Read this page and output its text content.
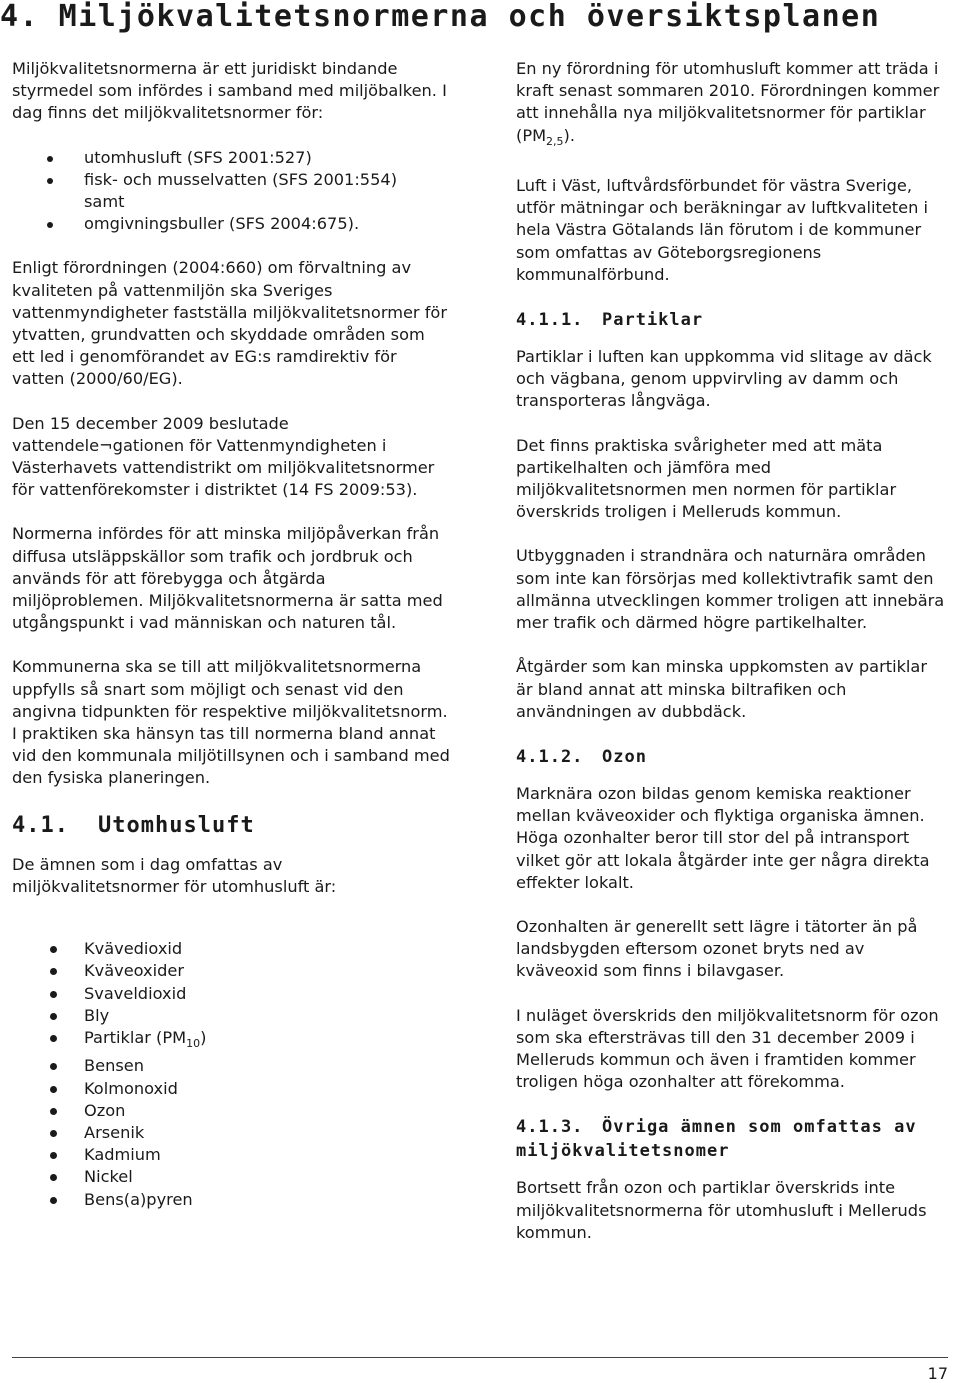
4. Miljökvalitetsnormerna och översiktsplanen

Miljökvalitetsnormerna är ett juridiskt bindande styrmedel som infördes i samband med miljöbalken. I dag finns det miljökvalitetsnormer för:

utomhusluft (SFS 2001:527)
fisk- och musselvatten (SFS 2001:554)
samt
omgivningsbuller (SFS 2004:675).

Enligt förordningen (2004:660) om förvaltning av kvaliteten på vattenmiljön ska Sveriges vattenmyndigheter fastställa miljökvalitetsnormer för ytvatten, grundvatten och skyddade områden som ett led i genomförandet av EG:s ramdirektiv för vatten (2000/60/EG).

Den 15 december 2009 beslutade vattendele¬gationen för Vattenmyndigheten i Västerhavets vattendistrikt om miljökvalitetsnormer för vattenförekomster i distriktet (14 FS 2009:53).

Normerna infördes för att minska miljöpåverkan från diffusa utsläppskällor som trafik och jordbruk och används för att förebygga och åtgärda miljöproblemen. Miljökvalitetsnormerna är satta med utgångspunkt i vad människan och naturen tål.

Kommunerna ska se till att miljökvalitetsnormerna uppfylls så snart som möjligt och senast vid den angivna tidpunkten för respektive miljökvalitetsnorm. I praktiken ska hänsyn tas till normerna bland annat vid den kommunala miljötillsynen och i samband med den fysiska planeringen.

4.1. Utomhusluft

De ämnen som i dag omfattas av miljökvalitetsnormer för utomhusluft är:

Kvävedioxid
Kväveoxider
Svaveldioxid
Bly
Partiklar $(PM_{10})$
Bensen
Kolmonoxid
Ozon
Arsenik
Kadmium
Nickel
Bens(a)pyren

En ny förordning för utomhusluft kommer att träda i kraft senast sommaren 2010. Förordningen kommer att innehålla nya miljökvalitetsnormer för partiklar $(PM_{2,5})$.

Luft i Väst, luftvårdsförbundet för västra Sverige, utför mätningar och beräkningar av luftkvaliteten i hela Västra Götalands län förutom i de kommuner som omfattas av Göteborgsregionens kommunalförbund.

4.1.1. Partiklar

Partiklar i luften kan uppkomma vid slitage av däck och vägbana, genom uppvirvling av damm och transporteras långväga.

Det finns praktiska svårigheter med att mäta partikelhalten och jämföra med miljökvalitetsnormen men normen för partiklar överskrids troligen i Melleruds kommun.

Utbyggnaden i strandnära och naturnära områden som inte kan försörjas med kollektivtrafik samt den allmänna utvecklingen kommer troligen att innebära mer trafik och därmed högre partikelhalter.

Åtgärder som kan minska uppkomsten av partiklar är bland annat att minska biltrafiken och användningen av dubbdäck.

4.1.2. Ozon

Marknära ozon bildas genom kemiska reaktioner mellan kväveoxider och flyktiga organiska ämnen. Höga ozonhalter beror till stor del på intransport vilket gör att lokala åtgärder inte ger några direkta effekter lokalt.

Ozonhalten är generellt sett lägre i tätorter än på landsbygden eftersom ozonet bryts ned av kväveoxid som finns i bilavgaser.

I nuläget överskrids den miljökvalitetsnorm för ozon som ska eftersträvas till den 31 december 2009 i Melleruds kommun och även i framtiden kommer troligen höga ozonhalter att förekomma.

4.1.3. Övriga ämnen som omfattas av miljökvalitetsnomer

Bortsett från ozon och partiklar överskrids inte miljökvalitetsnormerna för utomhusluft i Melleruds kommun.

17
